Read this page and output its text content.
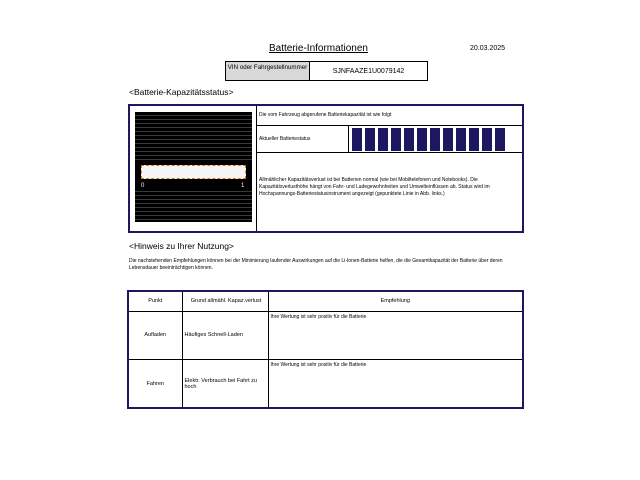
Batterie-Informationen	20.03.2025
VIN oder Fahrgestellnummer	SJNFAAZE1U0079142
<Batterie-Kapazitätsstatus>
0	1
Die vom Fahrzeug abgerufene Batteriekapazität ist wie folgt
Aktueller Batteriestatus
Allmählicher Kapazitätsverlust ist bei Batterien normal (wie bei Mobiltelefonen und Notebooks). Die Kapazitätsverlusthöhe hängt von Fahr- und Ladegewohnheiten und Umwelteinflüssen ab. Status wird im Hochspannungs-Batteriestatusinstrument angezeigt (gepunktete Linie in Abb. links.)
<Hinweis zu Ihrer Nutzung>
Die nachstehenden Empfehlungen können bei der Minimierung laufender Auswirkungen auf die Li-Ionen-Batterie helfen, die die Gesamtkapazität der Batterie über deren Lebensdauer beeinträchtigen können.
Punkt	Grund allmähl. Kapaz.verlust	Empfehlung
Aufladen	Häufiges Schnell-Laden	Ihre Wertung ist sehr positiv für die Batterie
Fahren	Elektr. Verbrauch bei Fahrt zu hoch	Ihre Wertung ist sehr positiv für die Batterie
